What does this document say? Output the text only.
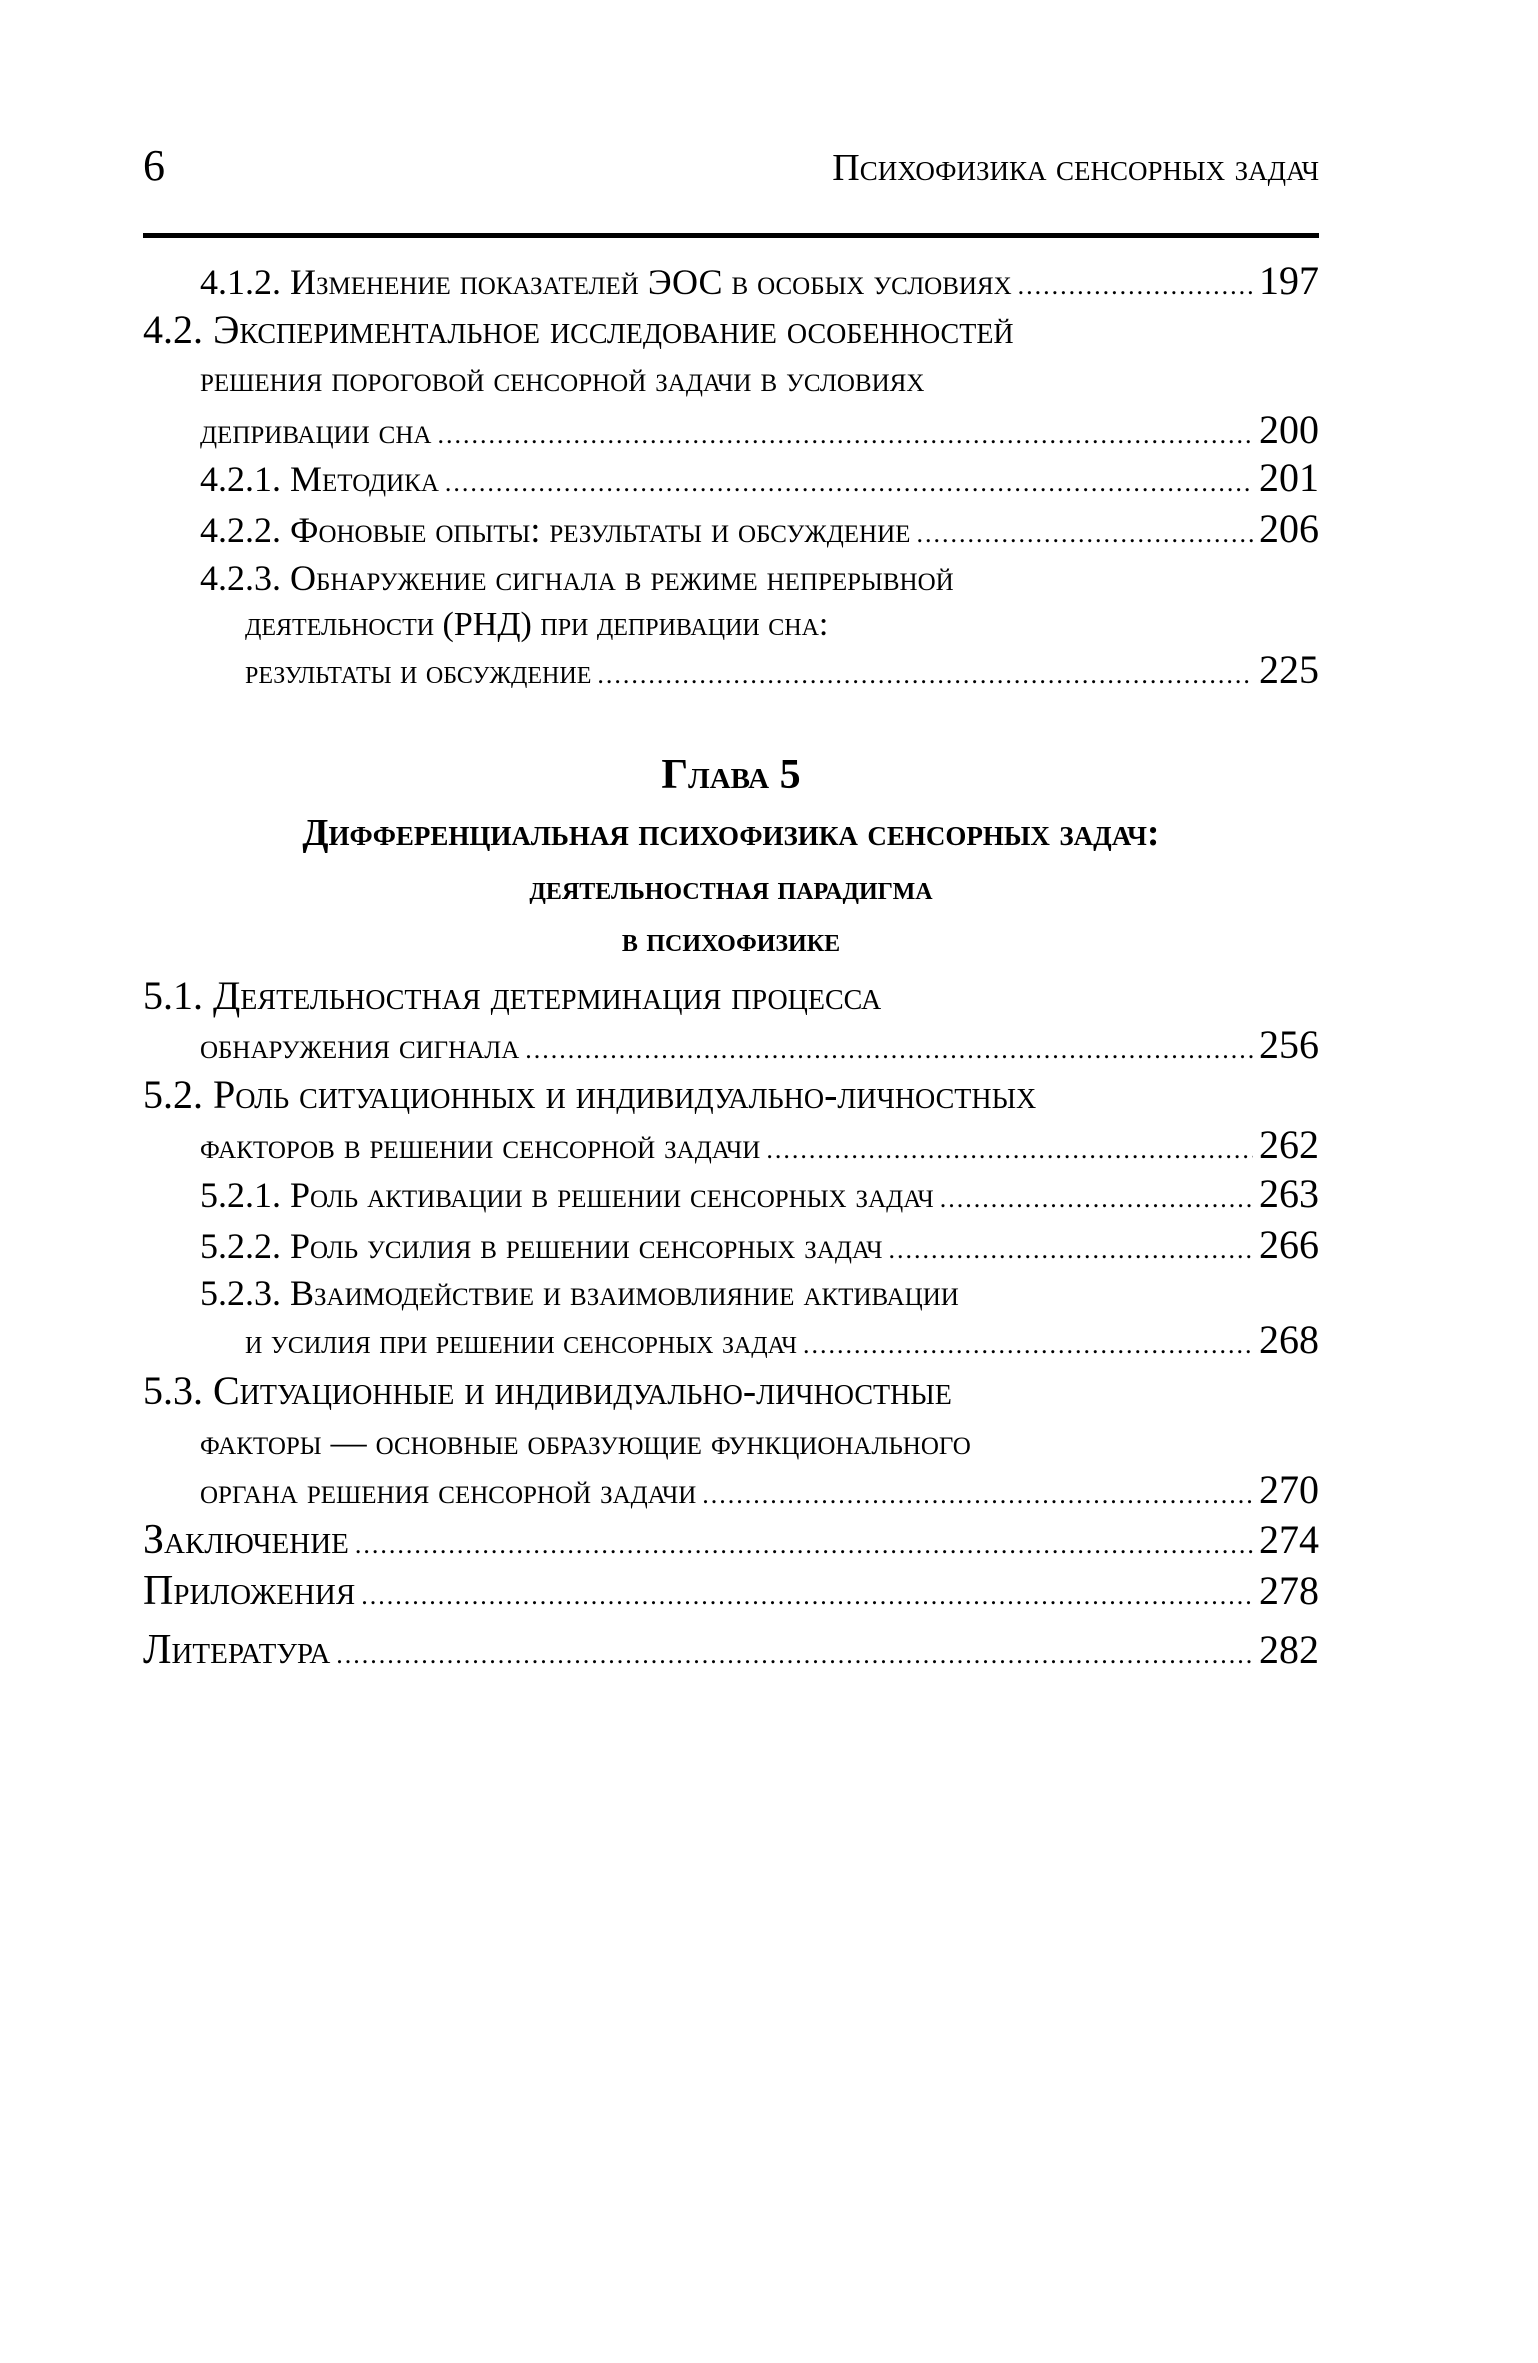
6	Психофизика сенсорных задач
4.1.2. Изменение показателей ЭОС в особых условиях .....	197
4.2. Экспериментальное исследование особенностей
решения пороговой сенсорной задачи в условиях
депривации сна .....	200
4.2.1. Методика .....	201
4.2.2. Фоновые опыты: результаты и обсуждение .....	206
4.2.3. Обнаружение сигнала в режиме непрерывной
деятельности (РНД) при депривации сна:
результаты и обсуждение .....	225
Глава 5
Дифференциальная психофизика сенсорных задач:
деятельностная парадигма
в психофизике
5.1. Деятельностная детерминация процесса
обнаружения сигнала .....	256
5.2. Роль ситуационных и индивидуально-личностных
факторов в решении сенсорной задачи .....	262
5.2.1. Роль активации в решении сенсорных задач .....	263
5.2.2. Роль усилия в решении сенсорных задач .....	266
5.2.3. Взаимодействие и взаимовлияние активации
и усилия при решении сенсорных задач .....	268
5.3. Ситуационные и индивидуально-личностные
факторы — основные образующие функционального
органа решения сенсорной задачи .....	270
Заключение .....	274
Приложения .....	278
Литература .....	282
